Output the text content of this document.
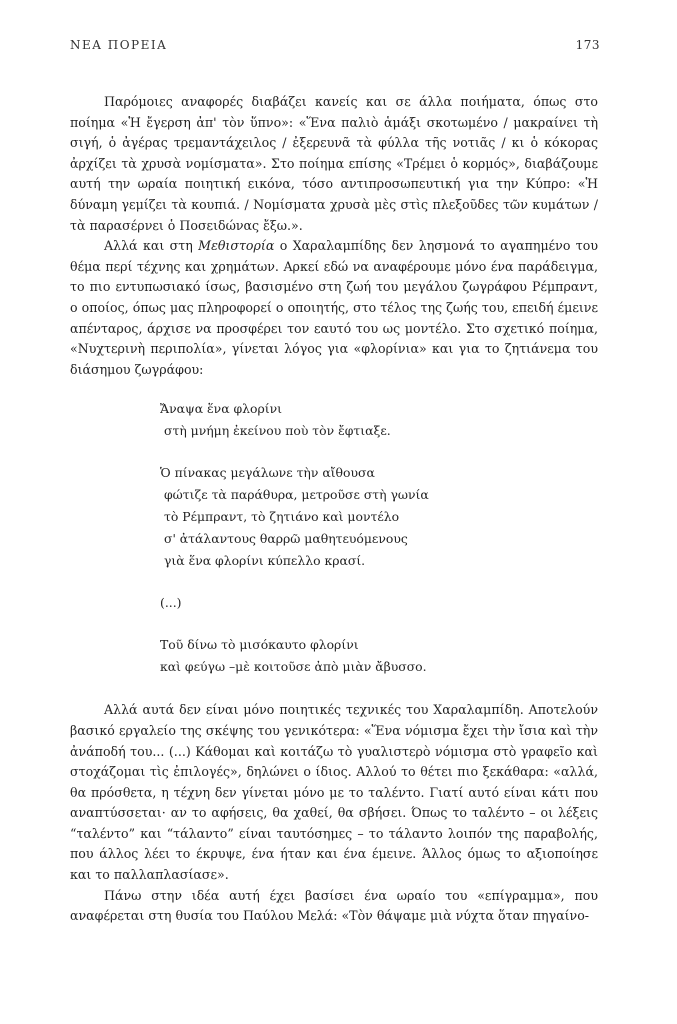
ΝΕΑ ΠΟΡΕΙΑ	173

Παρόμοιες αναφορές διαβάζει κανείς και σε άλλα ποιήματα, όπως στο ποίημα «Ἡ ἔγερση ἀπ' τὸν ὕπνο»: «Ἕνα παλιὸ ἁμάξι σκοτωμένο / μακραίνει τὴ σιγή, ὁ ἀγέρας τρεμαντάχειλος / ἐξερευνᾶ τὰ φύλλα τῆς νοτιᾶς / κι ὁ κόκορας ἀρχίζει τὰ χρυσὰ νομίσματα». Στο ποίημα επίσης «Τρέμει ὁ κορμός», διαβάζουμε αυτή την ωραία ποιητική εικόνα, τόσο αντιπροσωπευτική για την Κύπρο: «Ἡ δύναμη γεμίζει τὰ κουπιά. / Νομίσματα χρυσὰ μὲς στὶς πλεξοῦδες τῶν κυμάτων / τὰ παρασέρνει ὁ Ποσειδώνας ἔξω.».

Αλλά και στη Μεθιστορία ο Χαραλαμπίδης δεν λησμονά το αγαπημένο του θέμα περί τέχνης και χρημάτων. Αρκεί εδώ να αναφέρουμε μόνο ένα παράδειγμα, το πιο εντυπωσιακό ίσως, βασισμένο στη ζωή του μεγάλου ζωγράφου Ρέμπραντ, ο οποίος, όπως μας πληροφορεί ο οποιητής, στο τέλος της ζωής του, επειδή έμεινε απένταρος, άρχισε να προσφέρει τον εαυτό του ως μοντέλο. Στο σχετικό ποίημα, «Νυχτερινὴ περιπολία», γίνεται λόγος για «φλορίνια» και για το ζητιάνεμα του διάσημου ζωγράφου:

Ἄναψα ἕνα φλορίνι
στὴ μνήμη ἐκείνου ποὺ τὸν ἔφτιαξε.
Ὁ πίνακας μεγάλωνε τὴν αἴθουσα
φώτιζε τὰ παράθυρα, μετροῦσε στὴ γωνία
τὸ Ρέμπραντ, τὸ ζητιάνο καὶ μοντέλο
σ' ἀτάλαντους θαρρῶ μαθητευόμενους
γιὰ ἕνα φλορίνι κύπελλο κρασί.
(...)
Τοῦ δίνω τὸ μισόκαυτο φλορίνι
καὶ φεύγω –μὲ κοιτοῦσε ἀπὸ μιὰν ἄβυσσο.

Αλλά αυτά δεν είναι μόνο ποιητικές τεχνικές του Χαραλαμπίδη. Αποτελούν βασικό εργαλείο της σκέψης του γενικότερα: «Ἕνα νόμισμα ἔχει τὴν ἴσια καὶ τὴν ἀνάποδή του... (...) Κάθομαι καὶ κοιτάζω τὸ γυαλιστερὸ νόμισμα στὸ γραφεῖο καὶ στοχάζομαι τὶς ἐπιλογές», δηλώνει ο ίδιος. Αλλού το θέτει πιο ξεκάθαρα: «αλλά, θα πρόσθετα, η τέχνη δεν γίνεται μόνο με το ταλέντο. Γιατί αυτό είναι κάτι που αναπτύσσεται· αν το αφήσεις, θα χαθεί, θα σβήσει. Όπως το ταλέντο – οι λέξεις “ταλέντο” και “τάλαντο” είναι ταυτόσημες – το τάλαντο λοιπόν της παραβολής, που άλλος λέει το έκρυψε, ένα ήταν και ένα έμεινε. Άλλος όμως το αξιοποίησε και το παλλαπλασίασε».

Πάνω στην ιδέα αυτή έχει βασίσει ένα ωραίο του «επίγραμμα», που αναφέρεται στη θυσία του Παύλου Μελά: «Τὸν θάψαμε μιὰ νύχτα ὅταν πηγαίνο-
